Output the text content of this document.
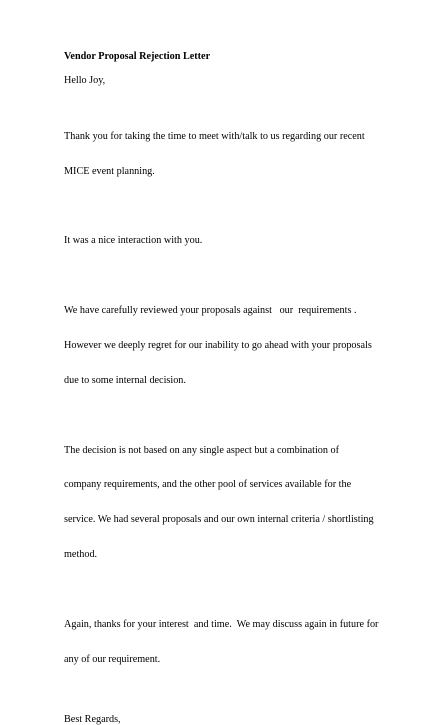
Vendor Proposal Rejection Letter
Hello Joy,

Thank you for taking the time to meet with/talk to us regarding our recent

MICE event planning.

It was a nice interaction with you.

We have carefully reviewed your proposals against   our  requirements .

However we deeply regret for our inability to go ahead with your proposals

due to some internal decision.

The decision is not based on any single aspect but a combination of

company requirements, and the other pool of services available for the

service. We had several proposals and our own internal criteria / shortlisting

method.

Again, thanks for your interest  and time.  We may discuss again in future for

any of our requirement.

Best Regards,
